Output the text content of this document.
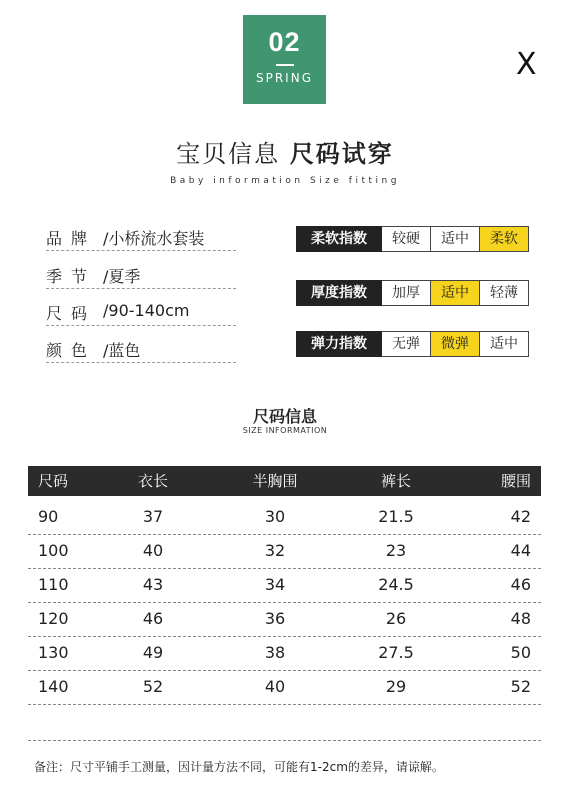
02
SPRING	X
宝贝信息 尺码试穿
Baby information Size fitting
品牌 /小桥流水套装
季节 /夏季
尺码 /90-140cm
颜色 /蓝色
柔软指数	较硬	适中	柔软
厚度指数	加厚	适中	轻薄
弹力指数	无弹	微弹	适中
尺码信息
SIZE INFORMATION
尺码	衣长	半胸围	裤长	腰围
90	37	30	21.5	42
100	40	32	23	44
110	43	34	24.5	46
120	46	36	26	48
130	49	38	27.5	50
140	52	40	29	52
备注：尺寸平铺手工测量，因计量方法不同，可能有1-2cm的差异，请谅解。
